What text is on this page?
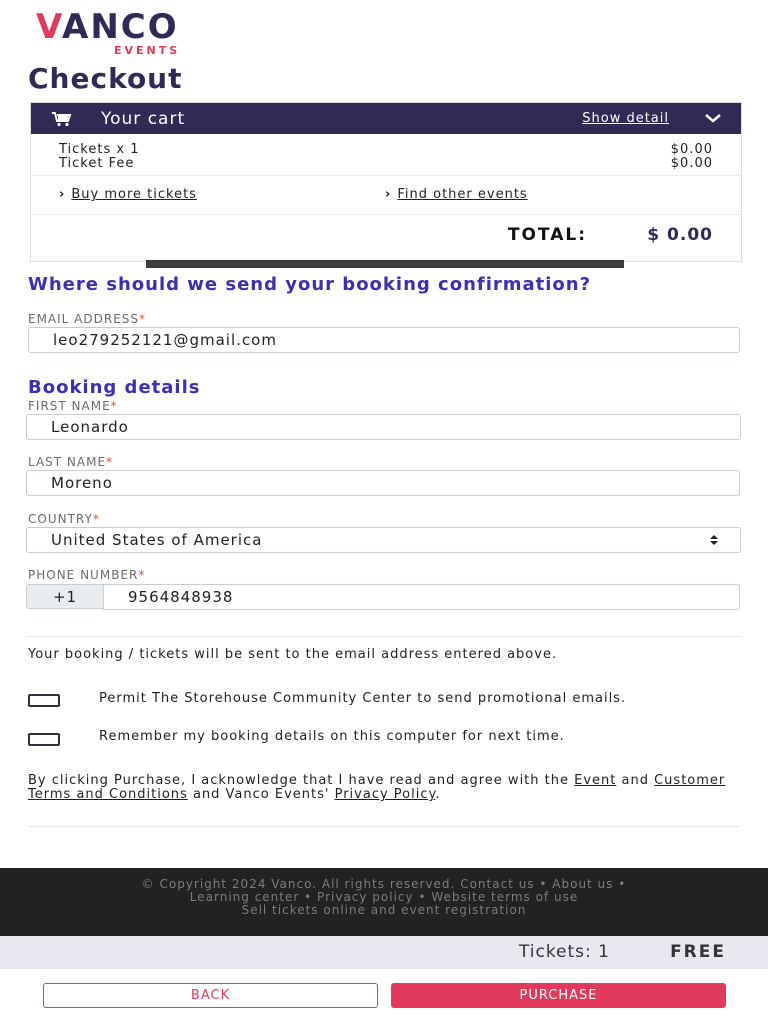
VANCO
EVENTS
Checkout
Your cart	Show detail
Tickets x 1	$0.00
Ticket Fee	$0.00
› Buy more tickets	› Find other events
TOTAL:	$ 0.00
Where should we send your booking confirmation?
EMAIL ADDRESS*
leo279252121@gmail.com
Booking details
FIRST NAME*
Leonardo
LAST NAME*
Moreno
COUNTRY*
United States of America
PHONE NUMBER*
+1	9564848938
Your booking / tickets will be sent to the email address entered above.
Permit The Storehouse Community Center to send promotional emails.
Remember my booking details on this computer for next time.
By clicking Purchase, I acknowledge that I have read and agree with the Event and Customer Terms and Conditions and Vanco Events' Privacy Policy.
© Copyright 2024 Vanco. All rights reserved. Contact us • About us •
Learning center • Privacy policy • Website terms of use
Sell tickets online and event registration
Tickets: 1	FREE
BACK	PURCHASE
